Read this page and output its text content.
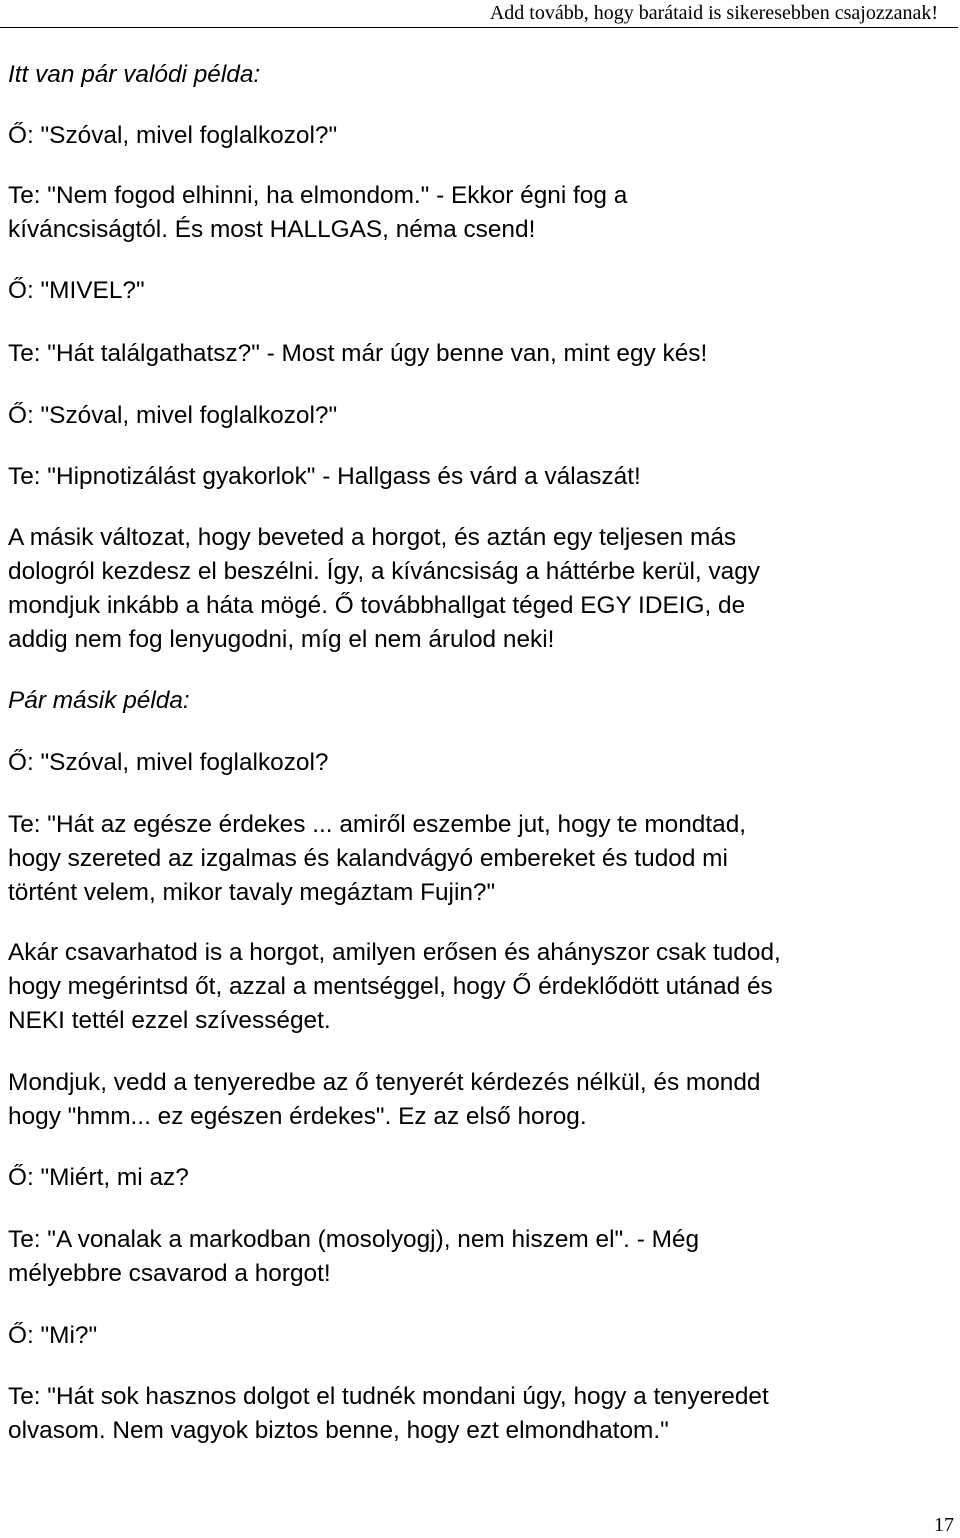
Add tovább, hogy barátaid is sikeresebben csajozzanak!
Itt van pár valódi példa:
Ő: "Szóval, mivel foglalkozol?"
Te: "Nem fogod elhinni, ha elmondom." - Ekkor égni fog a
kíváncsiságtól. És most HALLGAS, néma csend!
Ő: "MIVEL?"
Te: "Hát találgathatsz?" - Most már úgy benne van, mint egy kés!
Ő: "Szóval, mivel foglalkozol?"
Te: "Hipnotizálást gyakorlok" - Hallgass és várd a válaszát!
A másik változat, hogy beveted a horgot, és aztán egy teljesen más
dologról kezdesz el beszélni. Így, a kíváncsiság a háttérbe kerül, vagy
mondjuk inkább a háta mögé. Ő továbbhallgat téged EGY IDEIG, de
addig nem fog lenyugodni, míg el nem árulod neki!
Pár másik példa:
Ő: "Szóval, mivel foglalkozol?
Te: "Hát az egésze érdekes ... amiről eszembe jut, hogy te mondtad,
hogy szereted az izgalmas és kalandvágyó embereket és tudod mi
történt velem, mikor tavaly megáztam Fujin?"
Akár csavarhatod is a horgot, amilyen erősen és ahányszor csak tudod,
hogy megérintsd őt, azzal a mentséggel, hogy Ő érdeklődött utánad és
NEKI tettél ezzel szívességet.
Mondjuk, vedd a tenyeredbe az ő tenyerét kérdezés nélkül, és mondd
hogy "hmm... ez egészen érdekes". Ez az első horog.
Ő: "Miért, mi az?
Te: "A vonalak a markodban (mosolyogj), nem hiszem el". - Még
mélyebbre csavarod a horgot!
Ő: "Mi?"
Te: "Hát sok hasznos dolgot el tudnék mondani úgy, hogy a tenyeredet
olvasom. Nem vagyok biztos benne, hogy ezt elmondhatom."
17
